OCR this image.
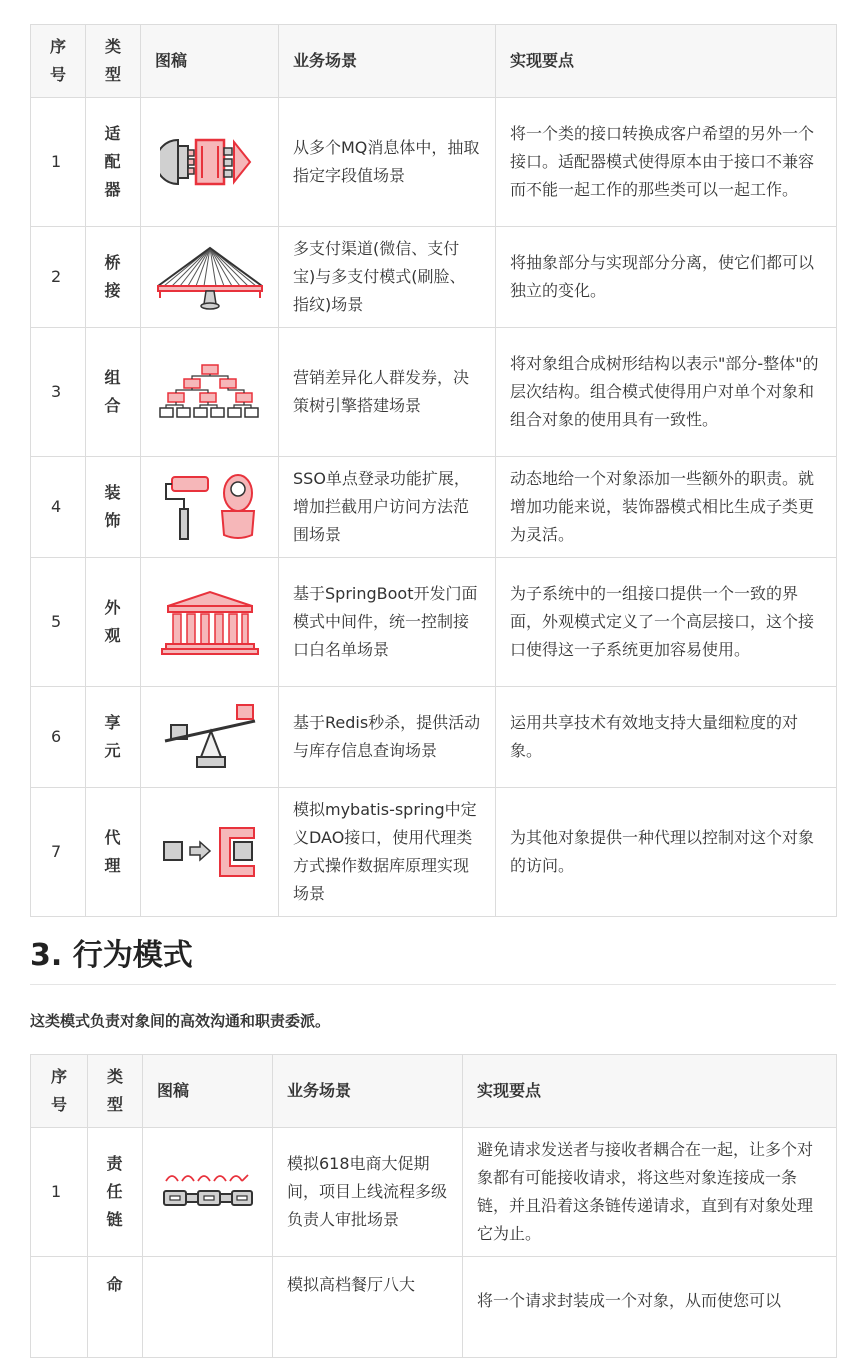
序
号	类
型	图稿	业务场景	实现要点
1	适
配
器		从多个MQ消息体中，抽取指定字段值场景	将一个类的接口转换成客户希望的另外一个接口。适配器模式使得原本由于接口不兼容而不能一起工作的那些类可以一起工作。
2	桥
接		多支付渠道(微信、支付宝)与多支付模式(刷脸、指纹)场景	将抽象部分与实现部分分离，使它们都可以独立的变化。
3	组
合		营销差异化人群发券，决策树引擎搭建场景	将对象组合成树形结构以表示"部分-整体"的层次结构。组合模式使得用户对单个对象和组合对象的使用具有一致性。
4	装
饰		SSO单点登录功能扩展，增加拦截用户访问方法范围场景	动态地给一个对象添加一些额外的职责。就增加功能来说，装饰器模式相比生成子类更为灵活。
5	外
观		基于SpringBoot开发门面模式中间件，统一控制接口白名单场景	为子系统中的一组接口提供一个一致的界面，外观模式定义了一个高层接口，这个接口使得这一子系统更加容易使用。
6	享
元		基于Redis秒杀，提供活动与库存信息查询场景	运用共享技术有效地支持大量细粒度的对象。
7	代
理		模拟mybatis-spring中定义DAO接口，使用代理类方式操作数据库原理实现场景	为其他对象提供一种代理以控制对这个对象的访问。
3. 行为模式

这类模式负责对象间的高效沟通和职责委派。

序
号	类
型	图稿	业务场景	实现要点
1	责
任
链		模拟618电商大促期间，项目上线流程多级负责人审批场景	避免请求发送者与接收者耦合在一起，让多个对象都有可能接收请求，将这些对象连接成一条链，并且沿着这条链传递请求，直到有对象处理它为止。

	命		模拟高档餐厅八大	将一个请求封装成一个对象，从而使您可以
